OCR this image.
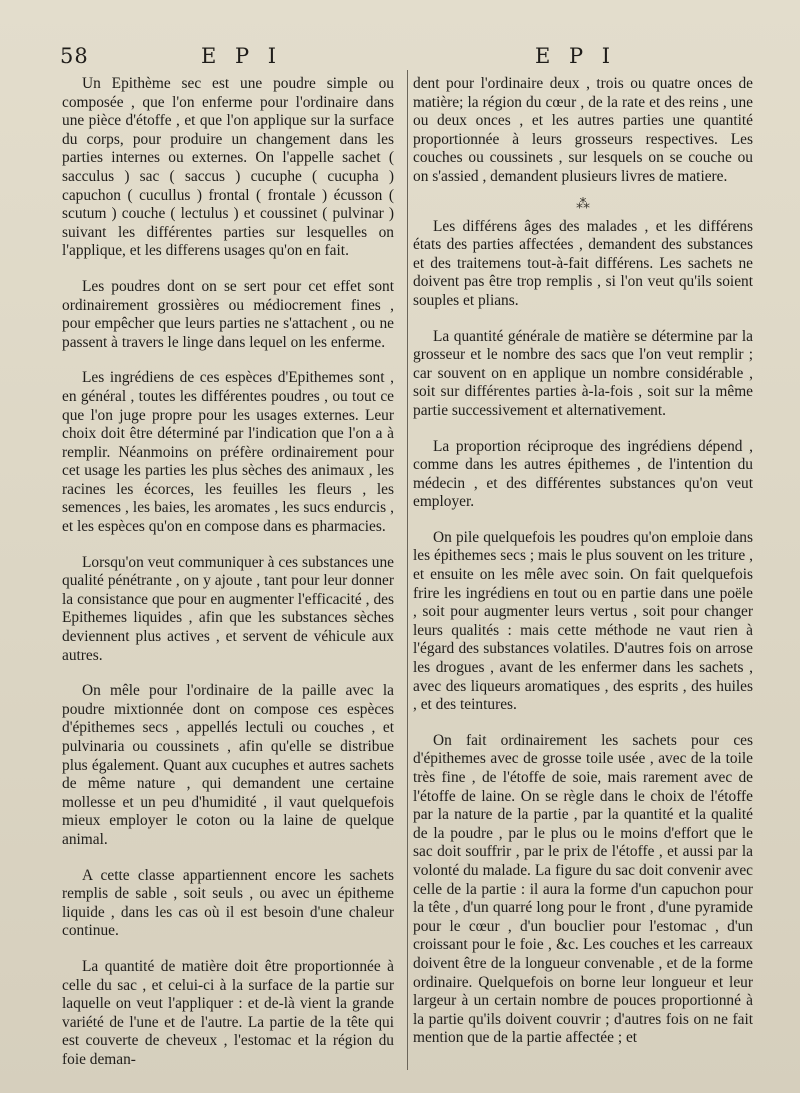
58	E P I	E P I

Un Epithème sec est une poudre simple ou composée , que l'on enferme pour l'ordinaire dans une pièce d'étoffe , et que l'on applique sur la surface du corps, pour produire un changement dans les parties internes ou externes. On l'appelle sachet ( sacculus ) sac ( saccus ) cucuphe ( cucupha ) capuchon ( cucullus ) frontal ( frontale ) écusson ( scutum ) couche ( lectulus ) et coussinet ( pulvinar ) suivant les différentes parties sur lesquelles on l'applique, et les differens usages qu'on en fait.

Les poudres dont on se sert pour cet effet sont ordinairement grossières ou médiocrement fines , pour empêcher que leurs parties ne s'attachent , ou ne passent à travers le linge dans lequel on les enferme.

Les ingrédiens de ces espèces d'Epithemes sont , en général , toutes les différentes poudres , ou tout ce que l'on juge propre pour les usages externes. Leur choix doit être déterminé par l'indication que l'on a à remplir. Néanmoins on préfère ordinairement pour cet usage les parties les plus sèches des animaux , les racines les écorces, les feuilles les fleurs , les semences , les baies, les aromates , les sucs endurcis , et les espèces qu'on en compose dans es pharmacies.

Lorsqu'on veut communiquer à ces substances une qualité pénétrante , on y ajoute , tant pour leur donner la consistance que pour en augmenter l'efficacité , des Epithemes liquides , afin que les substances sèches deviennent plus actives , et servent de véhicule aux autres.

On mêle pour l'ordinaire de la paille avec la poudre mixtionnée dont on compose ces espèces d'épithemes secs , appellés lectuli ou couches , et pulvinaria ou coussinets , afin qu'elle se distribue plus également. Quant aux cucuphes et autres sachets de même nature , qui demandent une certaine mollesse et un peu d'humidité , il vaut quelquefois mieux employer le coton ou la laine de quelque animal.

A cette classe appartiennent encore les sachets remplis de sable , soit seuls , ou avec un épitheme liquide , dans les cas où il est besoin d'une chaleur continue.

La quantité de matière doit être proportionnée à celle du sac , et celui-ci à la surface de la partie sur laquelle on veut l'appliquer : et de-là vient la grande variété de l'une et de l'autre. La partie de la tête qui est couverte de cheveux , l'estomac et la région du foie deman-

dent pour l'ordinaire deux , trois ou quatre onces de matière; la région du cœur , de la rate et des reins , une ou deux onces , et les autres parties une quantité proportionnée à leurs grosseurs respectives. Les couches ou coussinets , sur lesquels on se couche ou on s'assied , demandent plusieurs livres de matiere.

⁂

Les différens âges des malades , et les différens états des parties affectées , demandent des substances et des traitemens tout-à-fait différens. Les sachets ne doivent pas être trop remplis , si l'on veut qu'ils soient souples et plians.

La quantité générale de matière se détermine par la grosseur et le nombre des sacs que l'on veut remplir ; car souvent on en applique un nombre considérable , soit sur différentes parties à-la-fois , soit sur la même partie successivement et alternativement.

La proportion réciproque des ingrédiens dépend , comme dans les autres épithemes , de l'intention du médecin , et des différentes substances qu'on veut employer.

On pile quelquefois les poudres qu'on emploie dans les épithemes secs ; mais le plus souvent on les triture , et ensuite on les mêle avec soin. On fait quelquefois frire les ingrédiens en tout ou en partie dans une poële , soit pour augmenter leurs vertus , soit pour changer leurs qualités : mais cette méthode ne vaut rien à l'égard des substances volatiles. D'autres fois on arrose les drogues , avant de les enfermer dans les sachets , avec des liqueurs aromatiques , des esprits , des huiles , et des teintures.

On fait ordinairement les sachets pour ces d'épithemes avec de grosse toile usée , avec de la toile très fine , de l'étoffe de soie, mais rarement avec de l'étoffe de laine. On se règle dans le choix de l'étoffe par la nature de la partie , par la quantité et la qualité de la poudre , par le plus ou le moins d'effort que le sac doit souffrir , par le prix de l'étoffe , et aussi par la volonté du malade. La figure du sac doit convenir avec celle de la partie : il aura la forme d'un capuchon pour la tête , d'un quarré long pour le front , d'une pyramide pour le cœur , d'un bouclier pour l'estomac , d'un croissant pour le foie , &c. Les couches et les carreaux doivent être de la longueur convenable , et de la forme ordinaire. Quelquefois on borne leur longueur et leur largeur à un certain nombre de pouces proportionné à la partie qu'ils doivent couvrir ; d'autres fois on ne fait mention que de la partie affectée ; et
